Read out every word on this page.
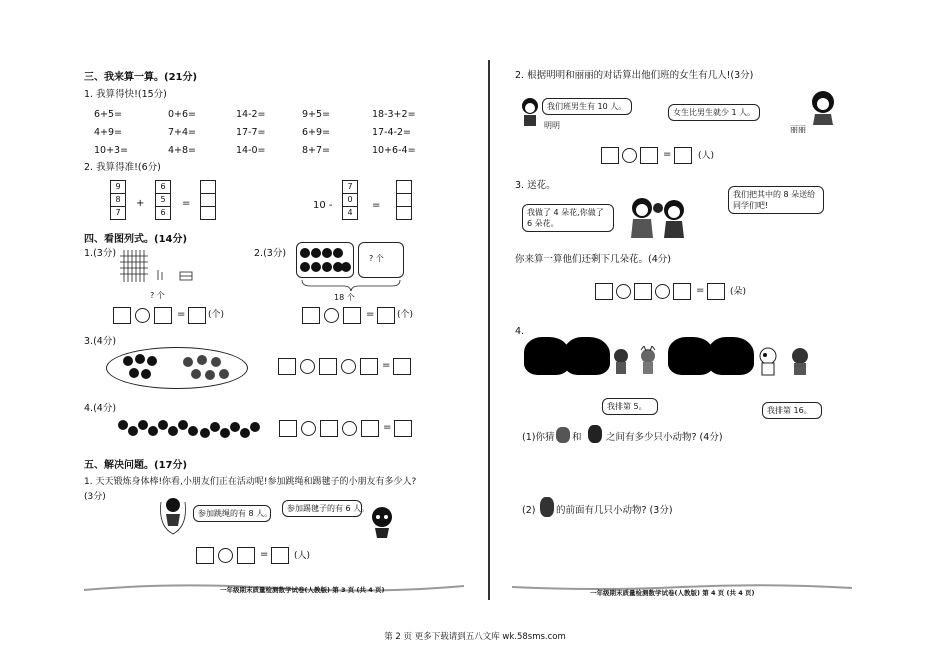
三、我来算一算。(21分)
1. 我算得快!(15分)
6+5=	0+6=	14-2=	9+5=	18-3+2=
4+9=	7+4=	17-7=	6+9=	17-4-2=
10+3=	4+8=	14-0=	8+7=	10+6-4=
2. 我算得准!(6分)
9
8
7
+
6
5
6
=	10 -
7
0
4
=
四、看图列式。(14分)
1.(3分)
? 个
=	(个)
2.(3分)	? 个
18 个
=	(个)
3.(4分)
=
4.(4分)
=
五、解决问题。(17分)
1. 天天锻炼身体棒!你看,小朋友们正在活动呢!参加跳绳和踢毽子的小朋友有多少人?
(3分)
参加跳绳的有 8 人。
参加踢毽子的有 6 人。
=	(人)
一年级期末质量检测数学试卷(人教版) 第 3 页 (共 4 页)
2. 根据明明和丽丽的对话算出他们班的女生有几人!(3分)
我们班男生有 10 人。
明明
女生比男生就少 1 人。
丽丽
=	(人)
3. 送花。
我做了 4 朵花,你做了 6 朵花。
我们把其中的 8 朵送给同学们吧!
你来算一算他们还剩下几朵花。(4分)
=	(朵)
4.
我排第 5。	我排第 16。
(1)你猜 和	之间有多少只小动物? (4分)
(2) 的前面有几只小动物? (3分)
一年级期末质量检测数学试卷(人教版) 第 4 页 (共 4 页)
第 2 页 更多下载请到五八文库 wk.58sms.com
